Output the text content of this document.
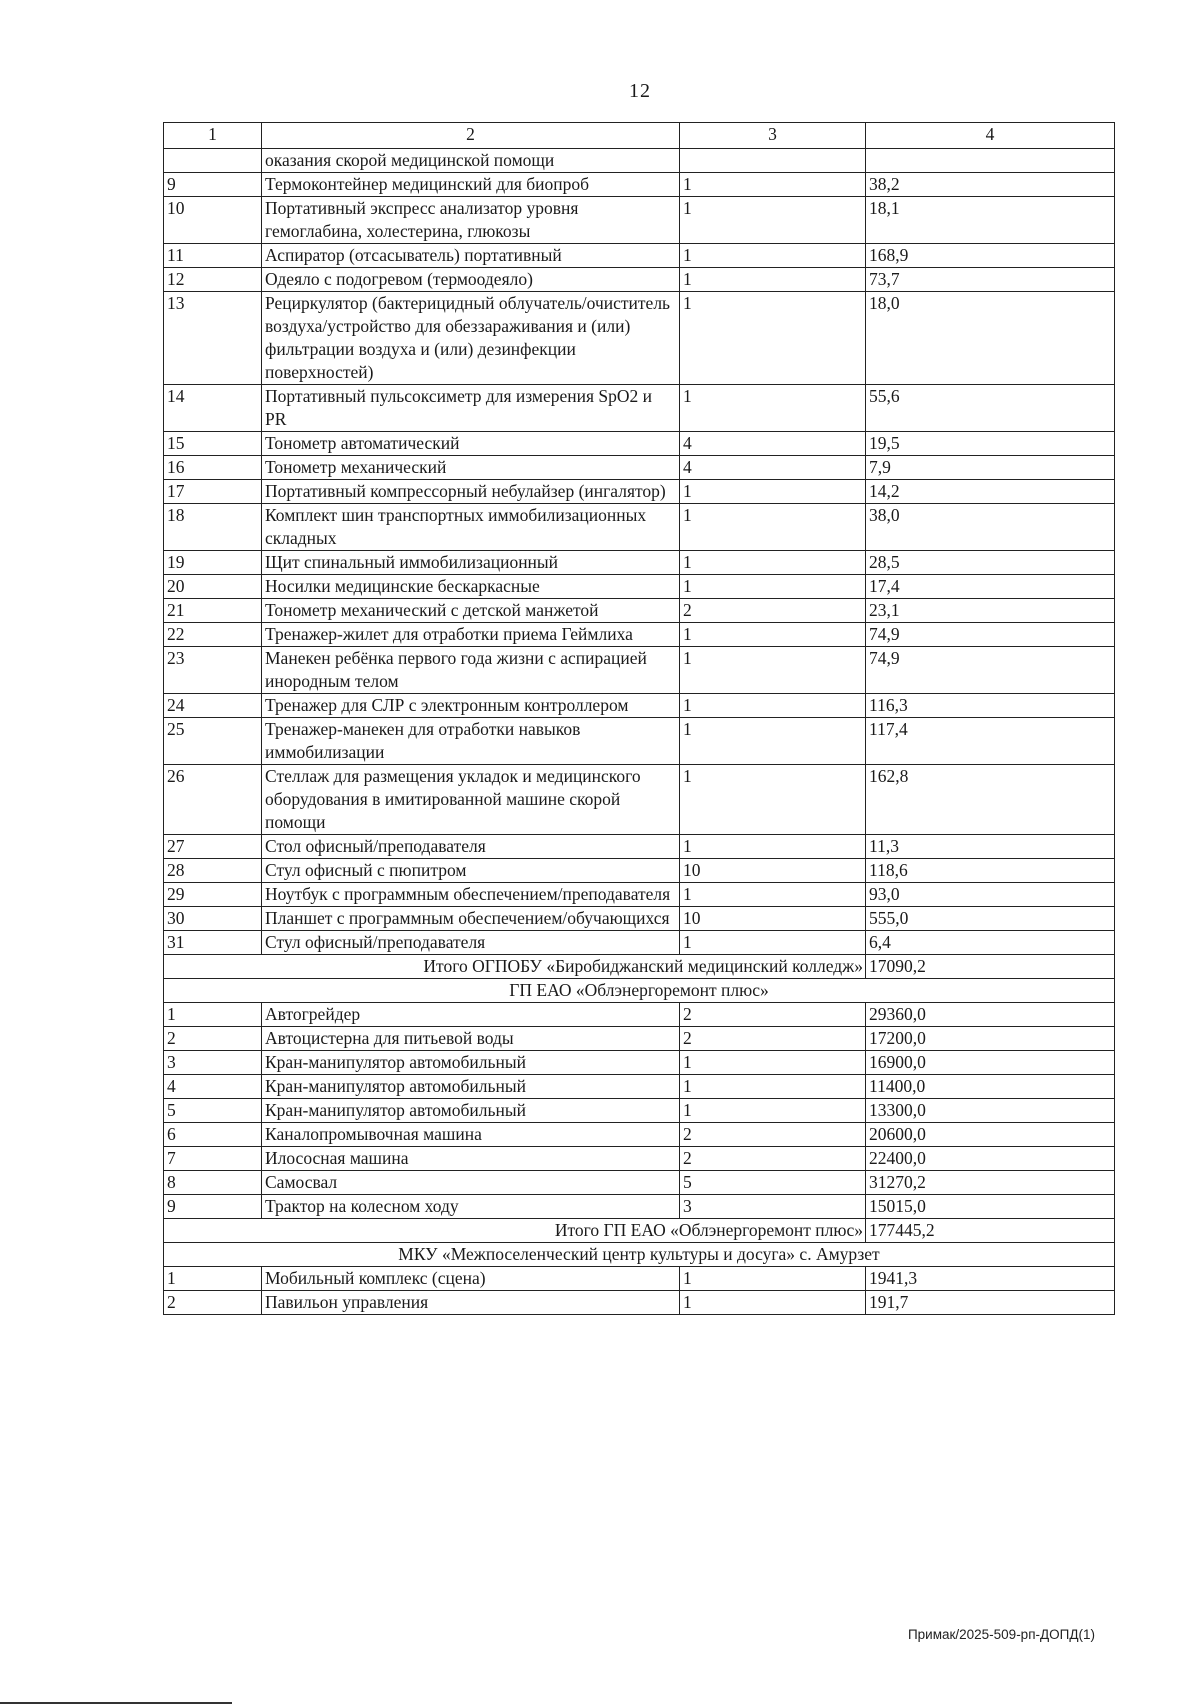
12
1	2	3	4
	оказания скорой медицинской помощи		
9	Термоконтейнер медицинский для биопроб	1	38,2
10	Портативный экспресс анализатор уровня гемоглабина, холестерина, глюкозы	1	18,1
11	Аспиратор (отсасыватель) портативный	1	168,9
12	Одеяло с подогревом (термоодеяло)	1	73,7
13	Рециркулятор (бактерицидный облучатель/очиститель воздуха/устройство для обеззараживания и (или) фильтрации воздуха и (или) дезинфекции поверхностей)	1	18,0
14	Портативный пульсоксиметр для измерения SpO2 и PR	1	55,6
15	Тонометр автоматический	4	19,5
16	Тонометр механический	4	7,9
17	Портативный компрессорный небулайзер (ингалятор)	1	14,2
18	Комплект шин транспортных иммобилизационных складных	1	38,0
19	Щит спинальный иммобилизационный	1	28,5
20	Носилки медицинские бескаркасные	1	17,4
21	Тонометр механический с детской манжетой	2	23,1
22	Тренажер-жилет для отработки приема Геймлиха	1	74,9
23	Манекен ребёнка первого года жизни с аспирацией инородным телом	1	74,9
24	Тренажер для СЛР с электронным контроллером	1	116,3
25	Тренажер-манекен для отработки навыков иммобилизации	1	117,4
26	Стеллаж для размещения укладок и медицинского оборудования в имитированной машине скорой помощи	1	162,8
27	Стол офисный/преподавателя	1	11,3
28	Стул офисный с пюпитром	10	118,6
29	Ноутбук с программным обеспечением/преподавателя	1	93,0
30	Планшет с программным обеспечением/обучающихся	10	555,0
31	Стул офисный/преподавателя	1	6,4
Итого ОГПОБУ «Биробиджанский медицинский колледж»			17090,2
ГП ЕАО «Облэнергоремонт плюс»			
1	Автогрейдер	2	29360,0
2	Автоцистерна для питьевой воды	2	17200,0
3	Кран-манипулятор автомобильный	1	16900,0
4	Кран-манипулятор автомобильный	1	11400,0
5	Кран-манипулятор автомобильный	1	13300,0
6	Каналопромывочная машина	2	20600,0
7	Илососная машина	2	22400,0
8	Самосвал	5	31270,2
9	Трактор на колесном ходу	3	15015,0
Итого ГП ЕАО «Облэнергоремонт плюс»			177445,2
МКУ «Межпоселенческий центр культуры и досуга» с. Амурзет			
1	Мобильный комплекс (сцена)	1	1941,3
2	Павильон управления	1	191,7
Примак/2025-509-рп-ДОПД(1)
